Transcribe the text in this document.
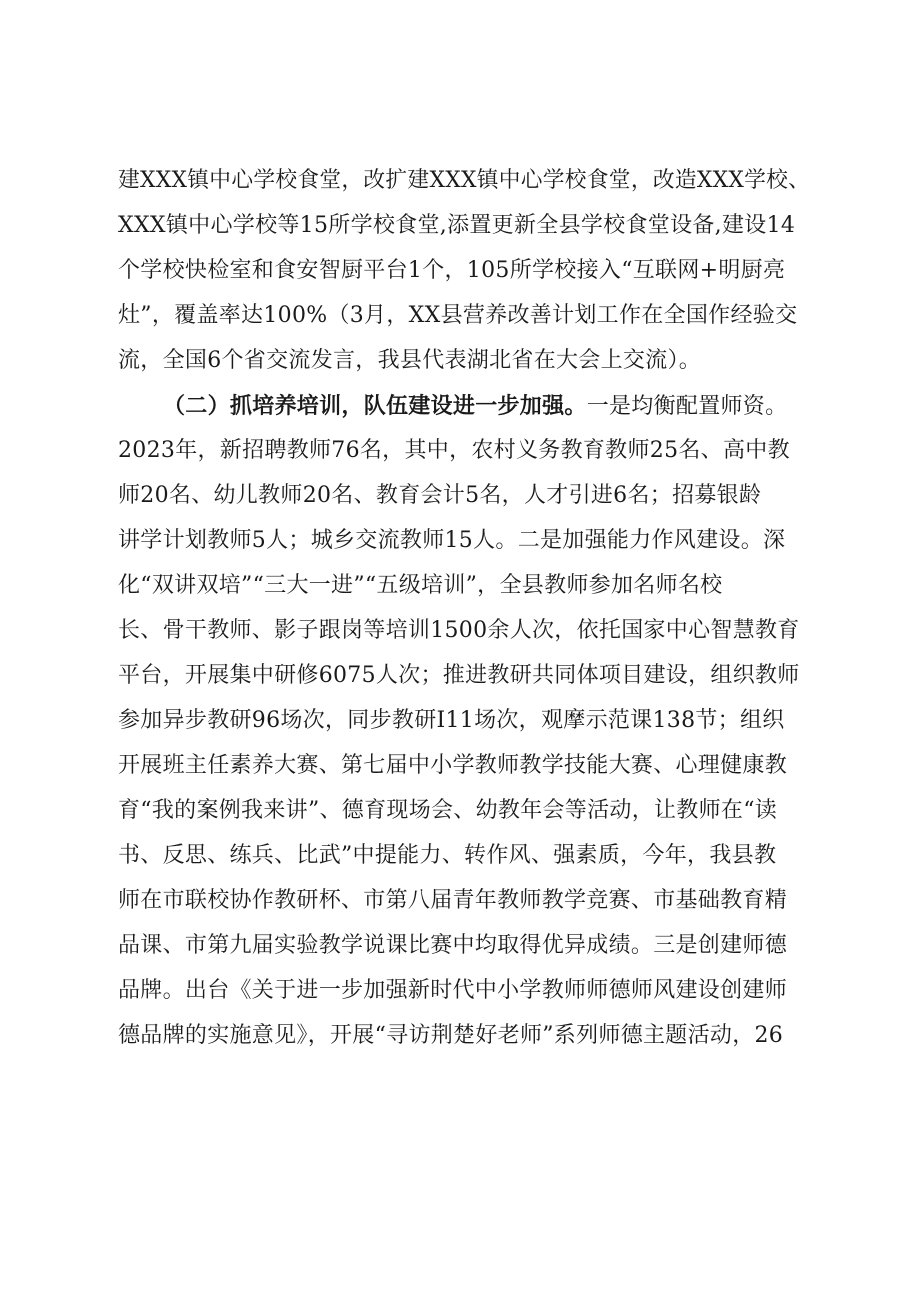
建XXX镇中心学校食堂，改扩建XXX镇中心学校食堂，改造XXX学校、
XXX镇中心学校等15所学校食堂,添置更新全县学校食堂设备,建设14
个学校快检室和食安智厨平台1个，105所学校接入“互联网+明厨亮
灶”，覆盖率达100%（3月，XX县营养改善计划工作在全国作经验交
流，全国6个省交流发言，我县代表湖北省在大会上交流）。
（二）抓培养培训，队伍建设进一步加强。一是均衡配置师资。
2023年，新招聘教师76名，其中，农村义务教育教师25名、高中教
师20名、幼儿教师20名、教育会计5名，人才引进6名；招募银龄
讲学计划教师5人；城乡交流教师15人。二是加强能力作风建设。深
化“双讲双培”“三大一进”“五级培训”，全县教师参加名师名校
长、骨干教师、影子跟岗等培训1500余人次，依托国家中心智慧教育
平台，开展集中研修6075人次；推进教研共同体项目建设，组织教师
参加异步教研96场次，同步教研I11场次，观摩示范课138节；组织
开展班主任素养大赛、第七届中小学教师教学技能大赛、心理健康教
育“我的案例我来讲”、德育现场会、幼教年会等活动，让教师在“读
书、反思、练兵、比武”中提能力、转作风、强素质，今年，我县教
师在市联校协作教研杯、市第八届青年教师教学竞赛、市基础教育精
品课、市第九届实验教学说课比赛中均取得优异成绩。三是创建师德
品牌。出台《关于进一步加强新时代中小学教师师德师风建设创建师
德品牌的实施意见》，开展“寻访荆楚好老师”系列师德主题活动，26
